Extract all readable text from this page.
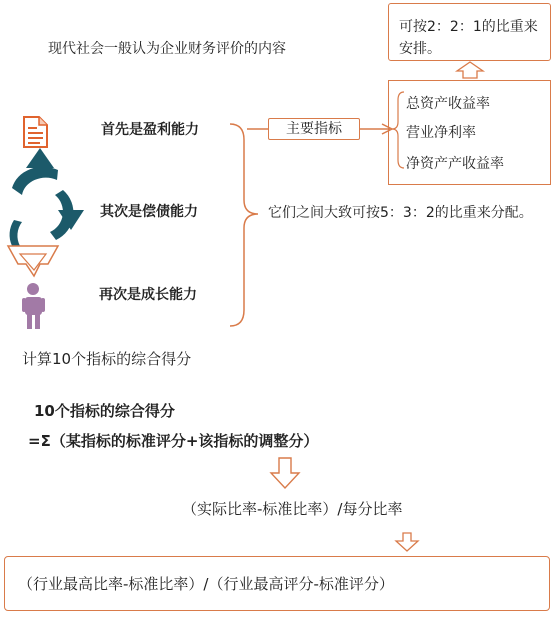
现代社会一般认为企业财务评价的内容
可按2：2：1的比重来安排。
总资产收益率
营业净利率
净资产产收益率
主要指标
首先是盈利能力
其次是偿债能力
再次是成长能力
它们之间大致可按5：3：2的比重来分配。
计算10个指标的综合得分
10个指标的综合得分
=Σ（某指标的标准评分+该指标的调整分）
（实际比率-标准比率）/每分比率
（行业最高比率-标准比率）/（行业最高评分-标准评分）
